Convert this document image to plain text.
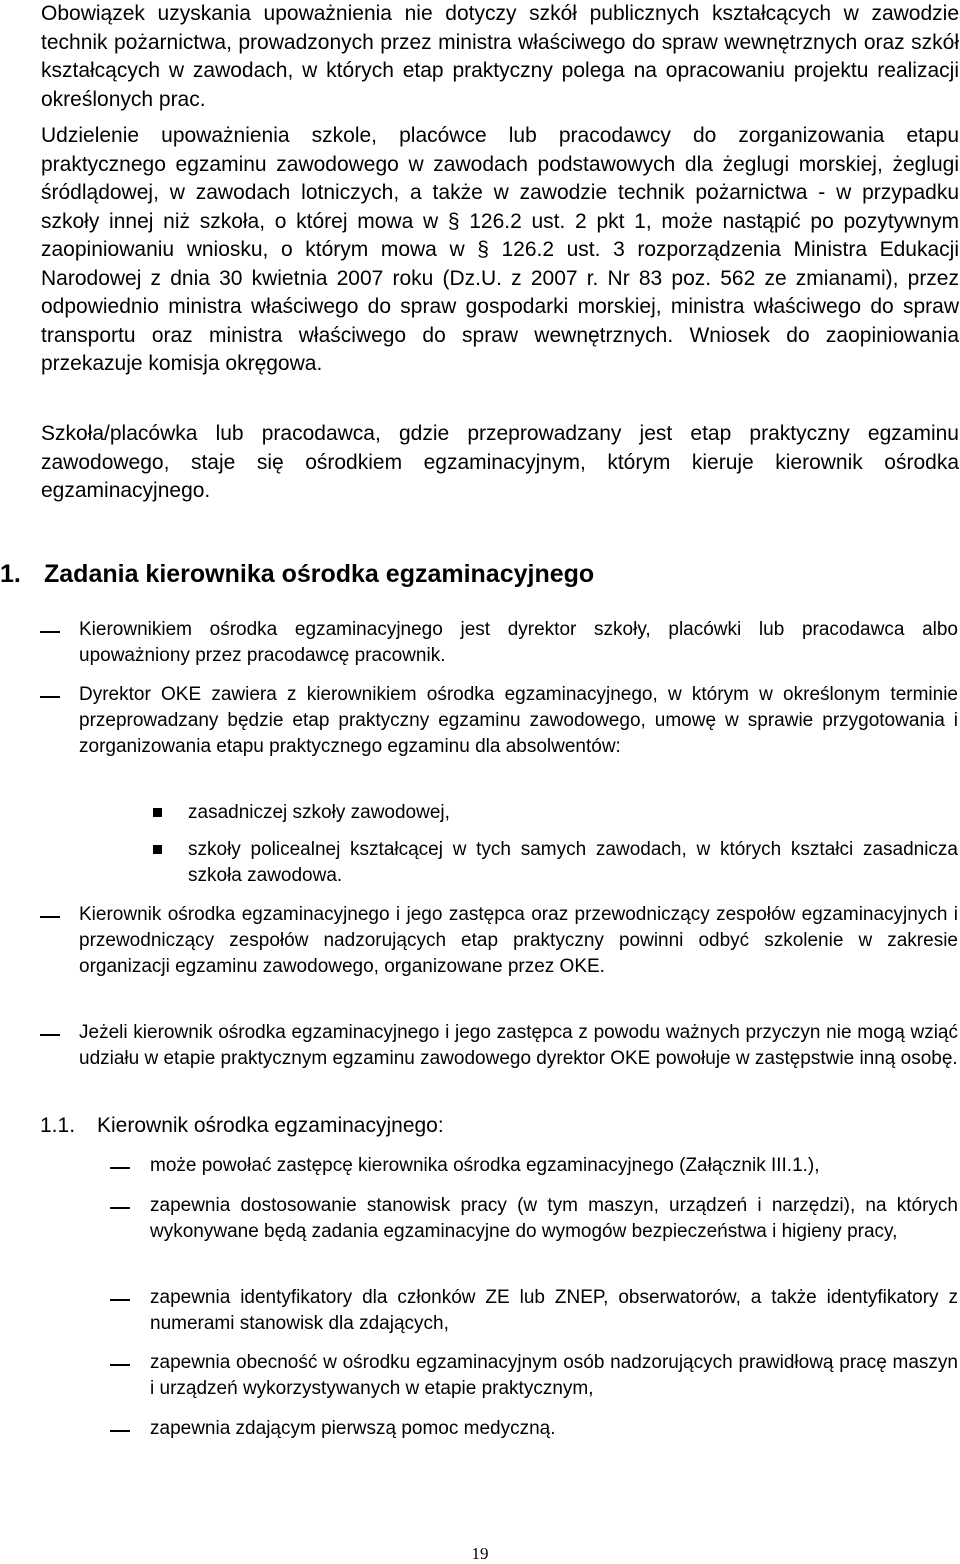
Obowiązek uzyskania upoważnienia nie dotyczy szkół publicznych kształcących w zawodzie technik pożarnictwa, prowadzonych przez ministra właściwego do spraw wewnętrznych oraz szkół kształcących w zawodach, w których etap praktyczny polega na opracowaniu projektu realizacji określonych prac.

Udzielenie upoważnienia szkole, placówce lub pracodawcy do zorganizowania etapu praktycznego egzaminu zawodowego w zawodach podstawowych dla żeglugi morskiej, żeglugi śródlądowej, w zawodach lotniczych, a także w zawodzie technik pożarnictwa - w przypadku szkoły innej niż szkoła, o której mowa w § 126.2 ust. 2 pkt 1, może nastąpić po pozytywnym zaopiniowaniu wniosku, o którym mowa w § 126.2 ust. 3 rozporządzenia Ministra Edukacji Narodowej z dnia 30 kwietnia 2007 roku (Dz.U. z 2007 r. Nr 83 poz. 562 ze zmianami), przez odpowiednio ministra właściwego do spraw gospodarki morskiej, ministra właściwego do spraw transportu oraz ministra właściwego do spraw wewnętrznych. Wniosek do zaopiniowania przekazuje komisja okręgowa.

Szkoła/placówka lub pracodawca, gdzie przeprowadzany jest etap praktyczny egzaminu zawodowego, staje się ośrodkiem egzaminacyjnym, którym kieruje kierownik ośrodka egzaminacyjnego.

1. Zadania kierownika ośrodka egzaminacyjnego

Kierownikiem ośrodka egzaminacyjnego jest dyrektor szkoły, placówki lub pracodawca albo upoważniony przez pracodawcę pracownik.

Dyrektor OKE zawiera z kierownikiem ośrodka egzaminacyjnego, w którym w określonym terminie przeprowadzany będzie etap praktyczny egzaminu zawodowego, umowę w sprawie przygotowania i zorganizowania etapu praktycznego egzaminu dla absolwentów:

zasadniczej szkoły zawodowej,

szkoły policealnej kształcącej w tych samych zawodach, w których kształci zasadnicza szkoła zawodowa.

Kierownik ośrodka egzaminacyjnego i jego zastępca oraz przewodniczący zespołów egzaminacyjnych i przewodniczący zespołów nadzorujących etap praktyczny powinni odbyć szkolenie w zakresie organizacji egzaminu zawodowego, organizowane przez OKE.

Jeżeli kierownik ośrodka egzaminacyjnego i jego zastępca z powodu ważnych przyczyn nie mogą wziąć udziału w etapie praktycznym egzaminu zawodowego dyrektor OKE powołuje w zastępstwie inną osobę.

1.1. Kierownik ośrodka egzaminacyjnego:

może powołać zastępcę kierownika ośrodka egzaminacyjnego (Załącznik III.1.),

zapewnia dostosowanie stanowisk pracy (w tym maszyn, urządzeń i narzędzi), na których wykonywane będą zadania egzaminacyjne do wymogów bezpieczeństwa i higieny pracy,

zapewnia identyfikatory dla członków ZE lub ZNEP, obserwatorów, a także identyfikatory z numerami stanowisk dla zdających,

zapewnia obecność w ośrodku egzaminacyjnym osób nadzorujących prawidłową pracę maszyn i urządzeń wykorzystywanych w etapie praktycznym,

zapewnia zdającym pierwszą pomoc medyczną.

19
